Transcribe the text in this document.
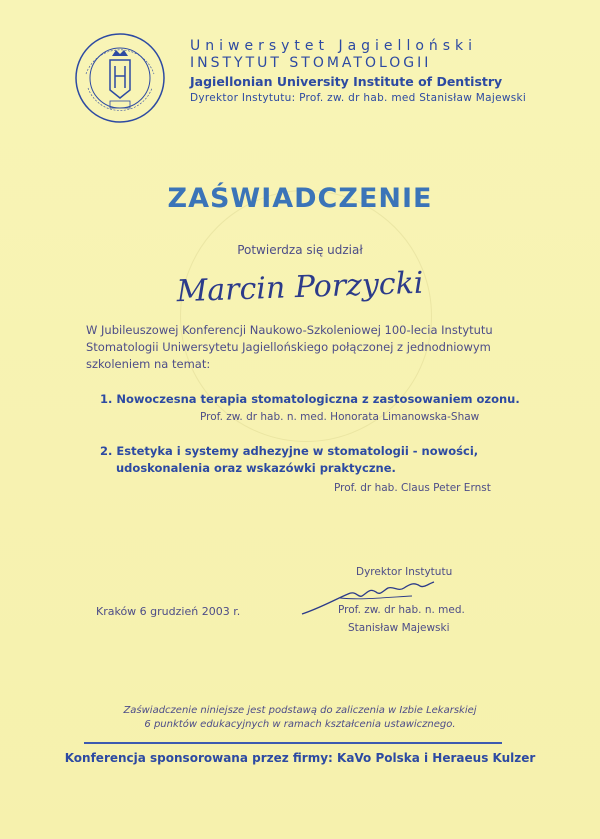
Uniwersytet Jagielloński

INSTYTUT STOMATOLOGII

Jagiellonian University Institute of Dentistry

Dyrektor Instytutu: Prof. zw. dr hab. med Stanisław Majewski

ZAŚWIADCZENIE
Potwierdza się udział
Marcin Porzycki
W Jubileuszowej Konferencji Naukowo-Szkoleniowej 100-lecia Instytutu
Stomatologii Uniwersytetu Jagiellońskiego połączonej z jednodniowym
szkoleniem na temat:
1. Nowoczesna terapia stomatologiczna z zastosowaniem ozonu.
Prof. zw. dr hab. n. med. Honorata Limanowska-Shaw
2. Estetyka i systemy adhezyjne w stomatologii - nowości,
udoskonalenia oraz wskazówki praktyczne.
Prof. dr hab. Claus Peter Ernst
Dyrektor Instytutu
Kraków 6 grudzień 2003 r.	Prof. zw. dr hab. n. med.
Stanisław Majewski
Zaświadczenie niniejsze jest podstawą do zaliczenia w Izbie Lekarskiej
6 punktów edukacyjnych w ramach kształcenia ustawicznego.
Konferencja sponsorowana przez firmy: KaVo Polska i Heraeus Kulzer
